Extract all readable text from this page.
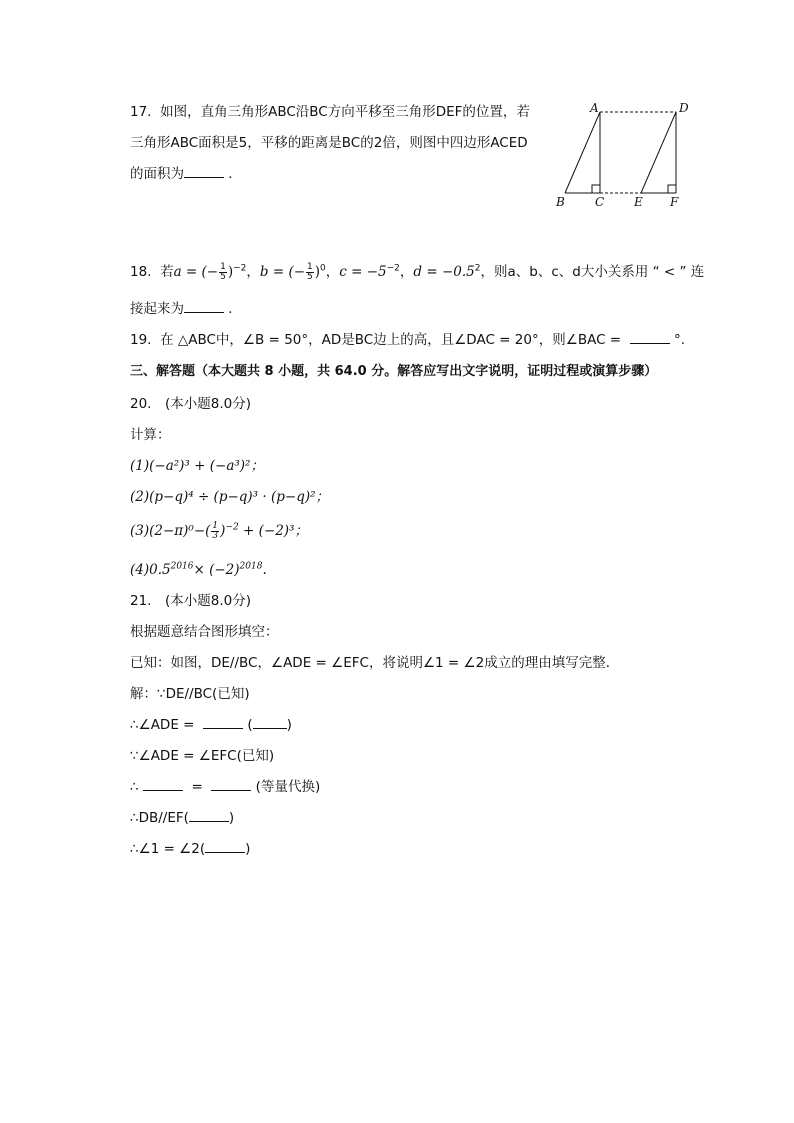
17. 如图，直角三角形ABC沿BC方向平移至三角形DEF的位置，若
三角形ABC面积是5，平移的距离是BC的2倍，则图中四边形ACED
的面积为	．
A	D
B	C E F
18. 若a = (− $\frac{1}{5} )^{-2}$，b = (− $\frac{1}{5} )^0$，$c = -5^{-2}$，$d = -0.5^2$，则a、b、c、d大小关系用 “ < ” 连
接起来为	．
19. 在 △ABC中，∠B = 50°，AD是BC边上的高，且∠DAC = 20°，则∠BAC =	°.
三、解答题（本大题共 8 小题，共 64.0 分。解答应写出文字说明，证明过程或演算步骤）
20.　(本小题8.0分)
计算：
(1)(−a²)³ + (−a³)²；
(2)(p−q)⁴ ÷ (p−q)³ · (p−q)²；
$(3)(2-\pi)^0-( \frac{1}{3} )^{-2} + (-2)^3$；
$(4)0.5^{2016}\times (-2)^{2018}$.
21.　(本小题8.0分)
根据题意结合图形填空：
已知：如图，DE//BC，∠ADE = ∠EFC，将说明∠1 = ∠2成立的理由填写完整．
解：∵DE//BC(已知)
∴∠ADE =	(	)
∵∠ADE = ∠EFC(已知)
∴	=	(等量代换)
∴DB//EF(	)
∴∠1 = ∠2(	)
